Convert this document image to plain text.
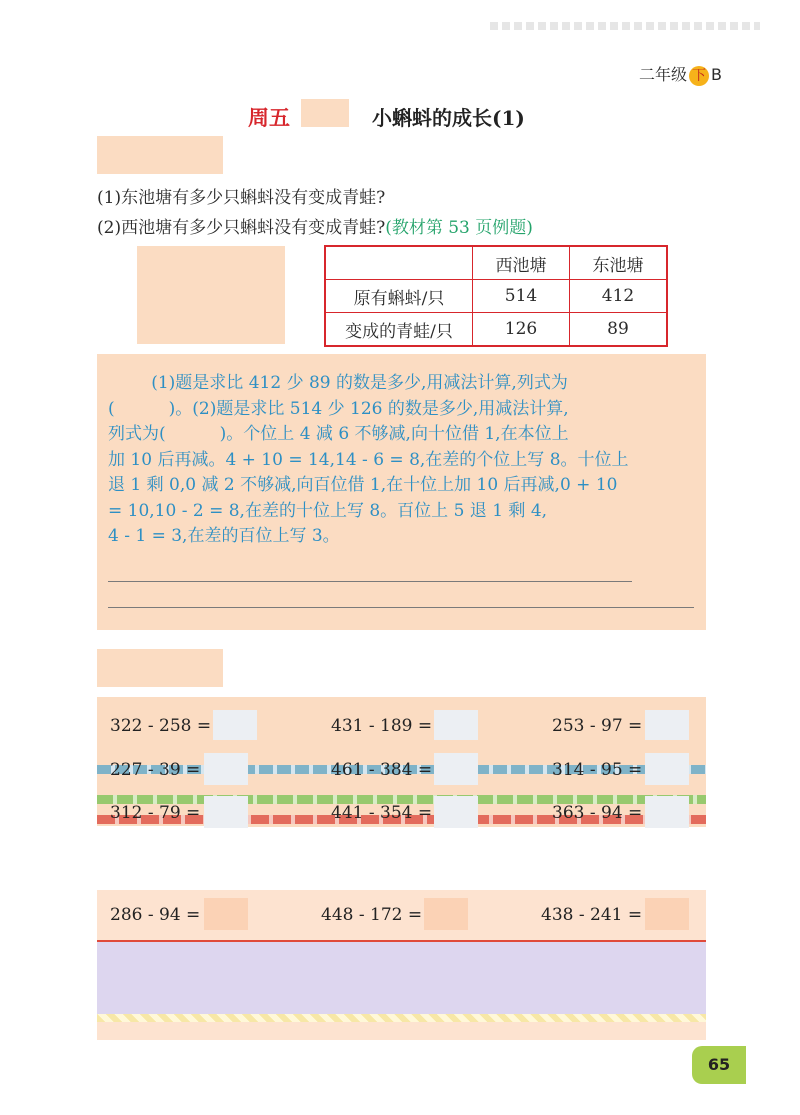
二年级 下 B
周五	小蝌蚪的成长(1)
(1)东池塘有多少只蝌蚪没有变成青蛙?
(2)西池塘有多少只蝌蚪没有变成青蛙?(教材第 53 页例题)
	西池塘	东池塘
原有蝌蚪/只	514	412
变成的青蛙/只	126	89

(1)题是求比 412 少 89 的数是多少,用减法计算,列式为

(          )。(2)题是求比 514 少 126 的数是多少,用减法计算,

列式为(          )。个位上 4 减 6 不够减,向十位借 1,在本位上

加 10 后再减。4 + 10 = 14,14 - 6 = 8,在差的个位上写 8。十位上

退 1 剩 0,0 减 2 不够减,向百位借 1,在十位上加 10 后再减,0 + 10

= 10,10 - 2 = 8,在差的十位上写 8。百位上 5 退 1 剩 4,

4 - 1 = 3,在差的百位上写 3。

322 - 258 =	431 - 189 =	253 - 97 =
227 - 39 =	461 - 384 =	314 - 95 =
312 - 79 =	441 - 354 =	363 - 94 =
286 - 94 =	448 - 172 =	438 - 241 =
65
